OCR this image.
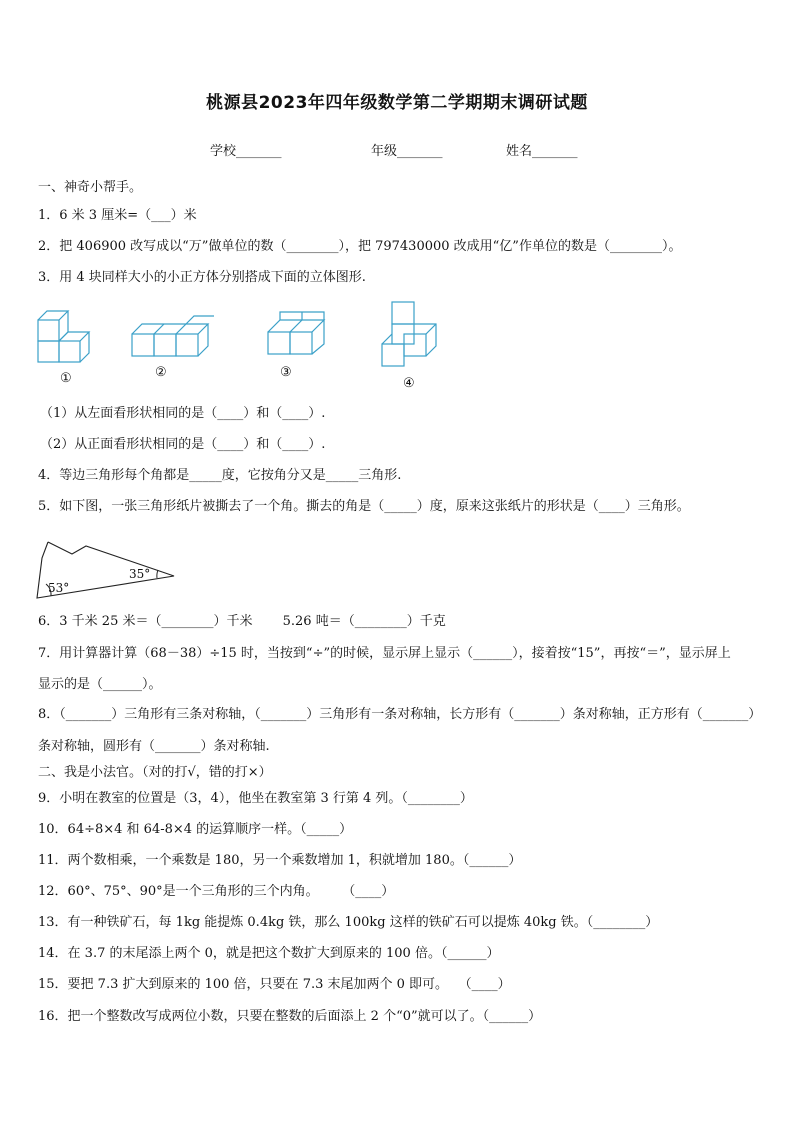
桃源县2023年四年级数学第二学期期末调研试题
学校_______	年级_______	姓名_______
一、神奇小帮手。
1．6 米 3 厘米=（___）米
2．把 406900 改写成以“万”做单位的数（________），把 797430000 改成用“亿”作单位的数是（________）。
3．用 4 块同样大小的小正方体分别搭成下面的立体图形.
①	②	③
④
（1）从左面看形状相同的是（____）和（____）.
（2）从正面看形状相同的是（____）和（____）.
4．等边三角形每个角都是_____度，它按角分又是_____三角形.
5．如下图，一张三角形纸片被撕去了一个角。撕去的角是（_____）度，原来这张纸片的形状是（____）三角形。
53°
35°
6．3 千米 25 米＝（________）千米 　　5.26 吨＝（________）千克
7．用计算器计算（68－38）÷15 时，当按到“÷”的时候，显示屏上显示（______），接着按“15”，再按“＝”，显示屏上
显示的是（______）。
8．（_______）三角形有三条对称轴，（_______）三角形有一条对称轴，长方形有（_______）条对称轴，正方形有（_______）
条对称轴，圆形有（_______）条对称轴.
二、我是小法官。（对的打√，错的打×）
9．小明在教室的位置是（3，4），他坐在教室第 3 行第 4 列。（________）
10．64÷8×4 和 64-8×4 的运算顺序一样。（_____）
11．两个数相乘，一个乘数是 180，另一个乘数增加 1，积就增加 180。（______）
12．60°、75°、90°是一个三角形的三个内角。 　　（____）
13．有一种铁矿石，每 1kg 能提炼 0.4kg 铁，那么 100kg 这样的铁矿石可以提炼 40kg 铁。（________）
14．在 3.7 的末尾添上两个 0，就是把这个数扩大到原来的 100 倍。（______）
15．要把 7.3 扩大到原来的 100 倍，只要在 7.3 末尾加两个 0 即可。 　（____）
16．把一个整数改写成两位小数，只要在整数的后面添上 2 个“0”就可以了。（______）
